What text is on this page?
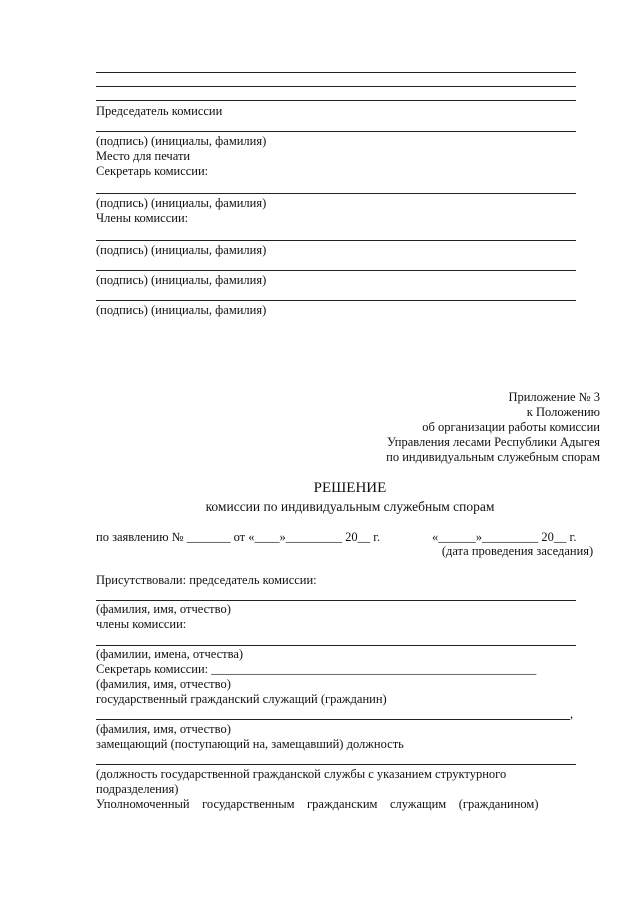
Председатель комиссии
(подпись) (инициалы, фамилия)
Место для печати
Секретарь комиссии:
(подпись) (инициалы, фамилия)
Члены комиссии:
(подпись) (инициалы, фамилия)
(подпись) (инициалы, фамилия)
(подпись) (инициалы, фамилия)
Приложение № 3
к Положению
об организации работы комиссии
Управления лесами Республики Адыгея
по индивидуальным служебным спорам
РЕШЕНИЕ
комиссии по индивидуальным служебным спорам
по заявлению № _______ от «____»_________ 20__ г.	«______»_________ 20__ г.
(дата проведения заседания)
Присутствовали: председатель комиссии:
(фамилия, имя, отчество)
члены комиссии:
(фамилии, имена, отчества)
Секретарь комиссии: ____________________________________________________
(фамилия, имя, отчество)
государственный гражданский служащий (гражданин)
,
(фамилия, имя, отчество)
замещающий (поступающий на, замещавший) должность
(должность государственной гражданской службы с указанием структурного
подразделения)
Уполномоченный    государственным    гражданским    служащим    (гражданином)
